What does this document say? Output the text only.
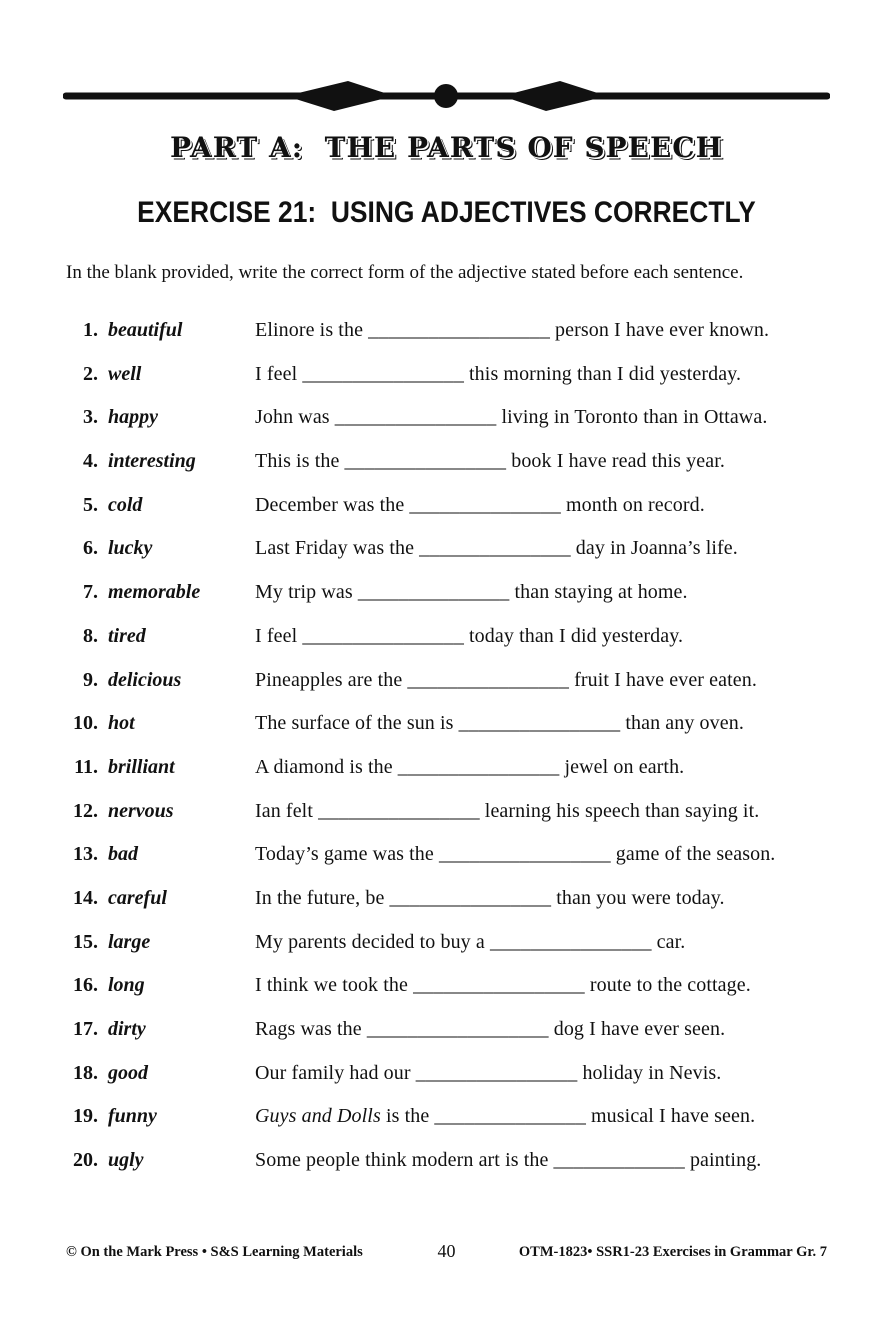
PART A:  THE PARTS OF SPEECH
EXERCISE 21:  USING ADJECTIVES CORRECTLY

In the blank provided, write the correct form of the adjective stated before each sentence.

1. beautiful	Elinore is the __________________ person I have ever known.
2. well	I feel ________________ this morning than I did yesterday.
3. happy	John was ________________ living in Toronto than in Ottawa.
4. interesting	This is the ________________ book I have read this year.
5. cold	December was the _______________ month on record.
6. lucky	Last Friday was the _______________ day in Joanna’s life.
7. memorable	My trip was _______________ than staying at home.
8. tired	I feel ________________ today than I did yesterday.
9. delicious	Pineapples are the ________________ fruit I have ever eaten.
10. hot	The surface of the sun is ________________ than any oven.
11. brilliant	A diamond is the ________________ jewel on earth.
12. nervous	Ian felt ________________ learning his speech than saying it.
13. bad	Today’s game was the _________________ game of the season.
14. careful	In the future, be ________________ than you were today.
15. large	My parents decided to buy a ________________ car.
16. long	I think we took the _________________ route to the cottage.
17. dirty	Rags was the __________________ dog I have ever seen.
18. good	Our family had our ________________ holiday in Nevis.
19. funny	Guys and Dolls is the _______________ musical I have seen.
20. ugly	Some people think modern art is the _____________ painting.
© On the Mark Press • S&S Learning Materials	40	OTM-1823• SSR1-23 Exercises in Grammar Gr. 7
